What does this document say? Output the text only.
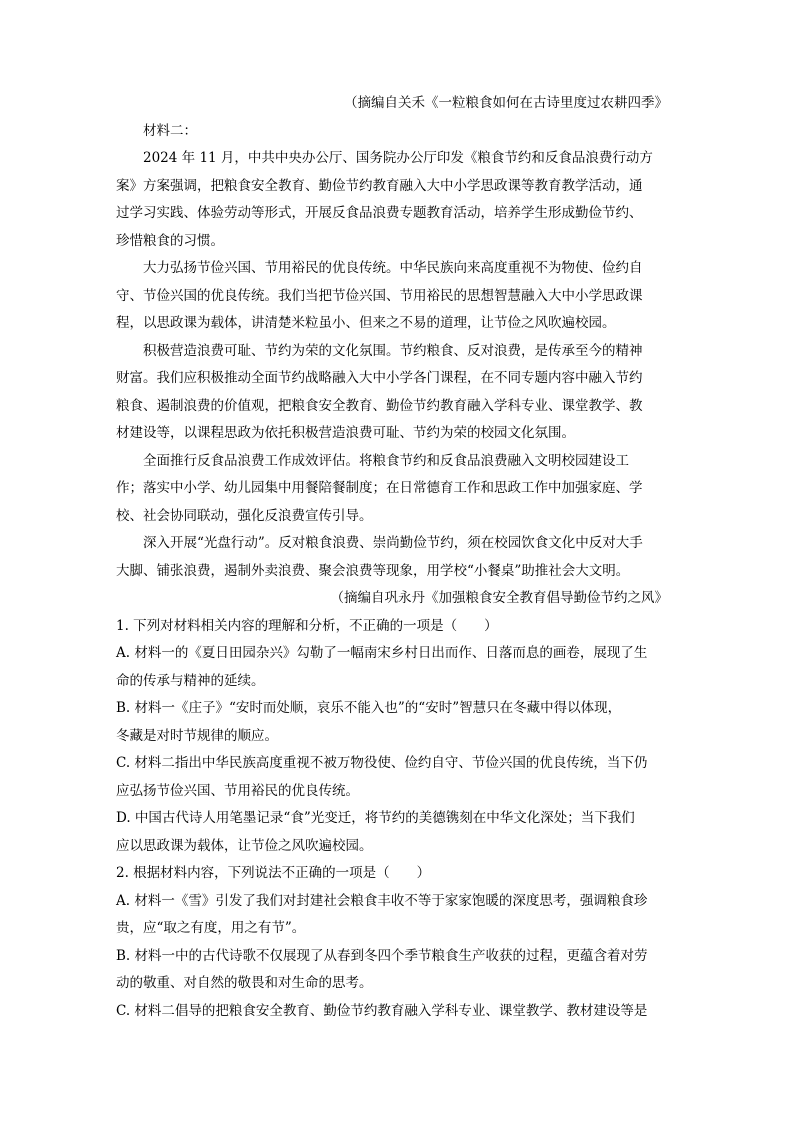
（摘编自关禾《一粒粮食如何在古诗里度过农耕四季》

材料二：

2024 年 11 月，中共中央办公厅、国务院办公厅印发《粮食节约和反食品浪费行动方

案》方案强调，把粮食安全教育、勤俭节约教育融入大中小学思政课等教育教学活动，通

过学习实践、体验劳动等形式，开展反食品浪费专题教育活动，培养学生形成勤俭节约、

珍惜粮食的习惯。

大力弘扬节俭兴国、节用裕民的优良传统。中华民族向来高度重视不为物使、俭约自

守、节俭兴国的优良传统。我们当把节俭兴国、节用裕民的思想智慧融入大中小学思政课

程，以思政课为载体，讲清楚米粒虽小、但来之不易的道理，让节俭之风吹遍校园。

积极营造浪费可耻、节约为荣的文化氛围。节约粮食、反对浪费，是传承至今的精神

财富。我们应积极推动全面节约战略融入大中小学各门课程，在不同专题内容中融入节约

粮食、遏制浪费的价值观，把粮食安全教育、勤俭节约教育融入学科专业、课堂教学、教

材建设等，以课程思政为依托积极营造浪费可耻、节约为荣的校园文化氛围。

全面推行反食品浪费工作成效评估。将粮食节约和反食品浪费融入文明校园建设工

作；落实中小学、幼儿园集中用餐陪餐制度；在日常德育工作和思政工作中加强家庭、学

校、社会协同联动，强化反浪费宣传引导。

深入开展“光盘行动”。反对粮食浪费、崇尚勤俭节约，须在校园饮食文化中反对大手

大脚、铺张浪费，遏制外卖浪费、聚会浪费等现象，用学校“小餐桌”助推社会大文明。

（摘编自巩永丹《加强粮食安全教育倡导勤俭节约之风》

1. 下列对材料相关内容的理解和分析，不正确的一项是（　　）

A. 材料一的《夏日田园杂兴》勾勒了一幅南宋乡村日出而作、日落而息的画卷，展现了生

命的传承与精神的延续。

B. 材料一《庄子》“安时而处顺，哀乐不能入也”的“安时”智慧只在冬藏中得以体现，

冬藏是对时节规律的顺应。

C. 材料二指出中华民族高度重视不被万物役使、俭约自守、节俭兴国的优良传统，当下仍

应弘扬节俭兴国、节用裕民的优良传统。

D. 中国古代诗人用笔墨记录“食”光变迁，将节约的美德镌刻在中华文化深处；当下我们

应以思政课为载体，让节俭之风吹遍校园。

2. 根据材料内容，下列说法不正确的一项是（　　）

A. 材料一《雪》引发了我们对封建社会粮食丰收不等于家家饱暖的深度思考，强调粮食珍

贵，应“取之有度，用之有节”。

B. 材料一中的古代诗歌不仅展现了从春到冬四个季节粮食生产收获的过程，更蕴含着对劳

动的敬重、对自然的敬畏和对生命的思考。

C. 材料二倡导的把粮食安全教育、勤俭节约教育融入学科专业、课堂教学、教材建设等是
